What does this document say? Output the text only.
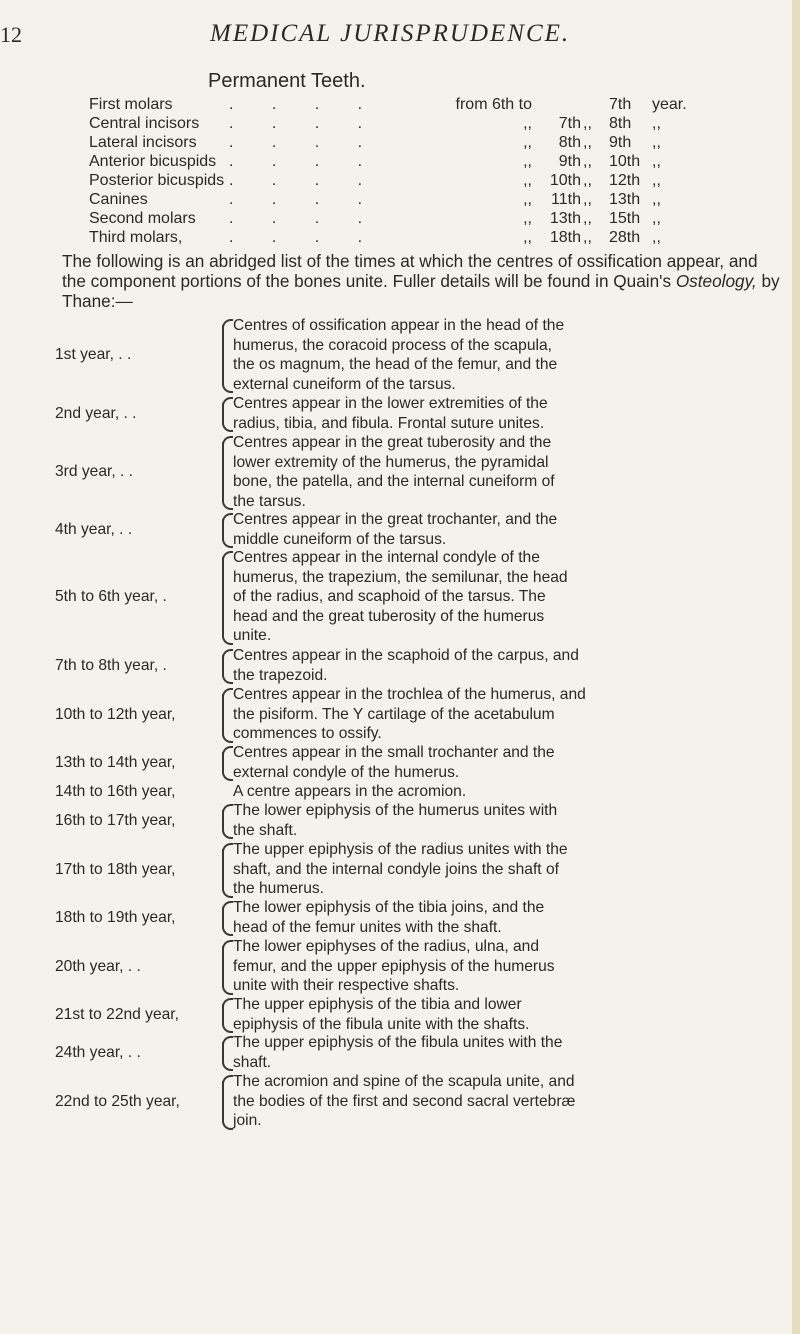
12	MEDICAL JURISPRUDENCE.
Permanent Teeth.
First molars	. . . .	from 6th to	7th	year.
Central incisors . . . .	,,	7th ,,	8th	,,
Lateral incisors . . . .	,,	8th ,,	9th	,,
Anterior bicuspids . . . .	,,	9th ,,	10th ,,
Posterior bicuspids . . . .	,,	10th ,,	12th ,,
Canines	. . . .	,,	11th ,,	13th ,,
Second molars . . . .	,,	13th ,,	15th ,,
Third molars,	. . . .	,,	18th ,,	28th ,,
The following is an abridged list of the times at which the centres of ossification appear, and the component portions of the bones unite. Fuller details will be found in Quain's Osteology, by Thane:—
1st year, . .
Centres of ossification appear in the head of the
humerus, the coracoid process of the scapula,
the os magnum, the head of the femur, and the
external cuneiform of the tarsus.
2nd year, . .
Centres appear in the lower extremities of the
radius, tibia, and fibula. Frontal suture unites.
3rd year, . .
Centres appear in the great tuberosity and the
lower extremity of the humerus, the pyramidal
bone, the patella, and the internal cuneiform of
the tarsus.
4th year, . .
Centres appear in the great trochanter, and the
middle cuneiform of the tarsus.
5th to 6th year, .
Centres appear in the internal condyle of the
humerus, the trapezium, the semilunar, the head
of the radius, and scaphoid of the tarsus. The
head and the great tuberosity of the humerus
unite.
7th to 8th year, .
Centres appear in the scaphoid of the carpus, and
the trapezoid.
10th to 12th year,
Centres appear in the trochlea of the humerus, and
the pisiform. The Y cartilage of the acetabulum
commences to ossify.
13th to 14th year,
Centres appear in the small trochanter and the
external condyle of the humerus.
14th to 16th year,	A centre appears in the acromion.
16th to 17th year,
The lower epiphysis of the humerus unites with
the shaft.
17th to 18th year,
The upper epiphysis of the radius unites with the
shaft, and the internal condyle joins the shaft of
the humerus.
18th to 19th year,
The lower epiphysis of the tibia joins, and the
head of the femur unites with the shaft.
20th year, . .
The lower epiphyses of the radius, ulna, and
femur, and the upper epiphysis of the humerus
unite with their respective shafts.
21st to 22nd year,
The upper epiphysis of the tibia and lower
epiphysis of the fibula unite with the shafts.
24th year, . .
The upper epiphysis of the fibula unites with the
shaft.
22nd to 25th year,
The acromion and spine of the scapula unite, and
the bodies of the first and second sacral vertebræ
join.
